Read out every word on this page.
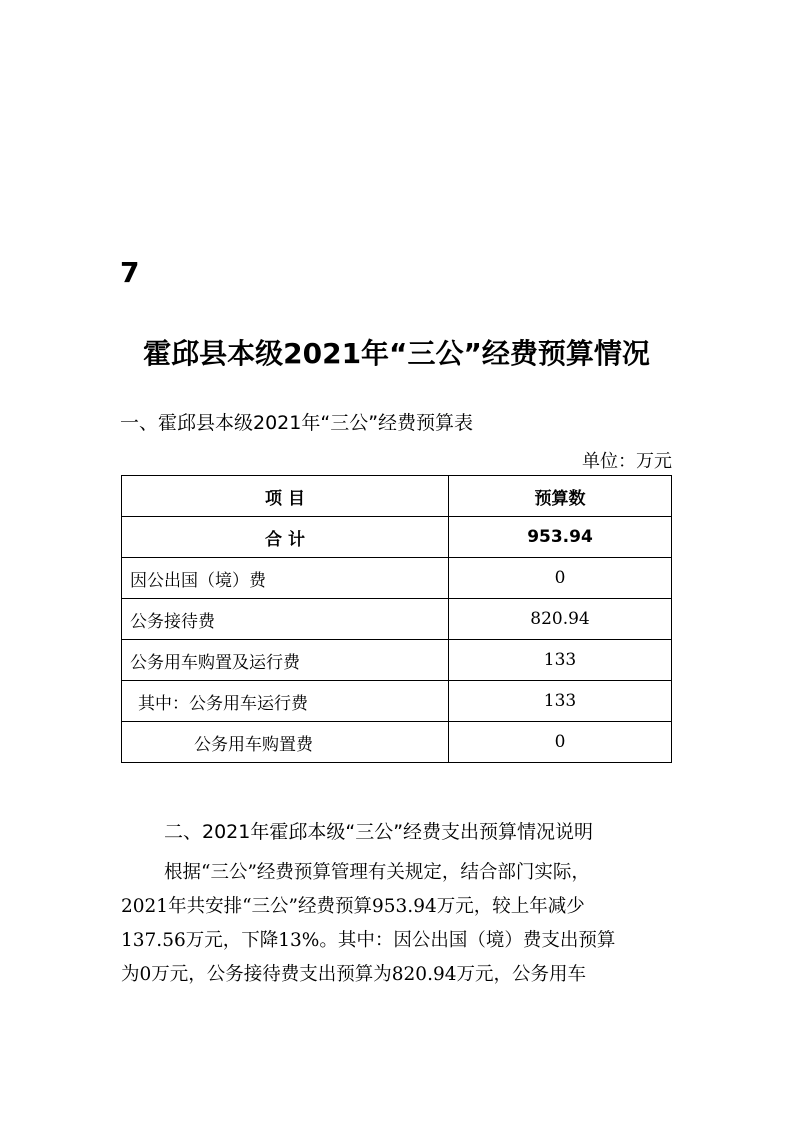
7
霍邱县本级2021年“三公”经费预算情况
一、霍邱县本级2021年“三公”经费预算表
单位：万元
项 目	预算数
合 计	953.94
因公出国（境）费	0
公务接待费	820.94
公务用车购置及运行费	133
其中：公务用车运行费	133
公务用车购置费	0
二、2021年霍邱本级“三公”经费支出预算情况说明
根据“三公”经费预算管理有关规定，结合部门实际，
2021年共安排“三公”经费预算953.94万元，较上年减少
137.56万元，下降13%。其中：因公出国（境）费支出预算
为0万元，公务接待费支出预算为820.94万元，公务用车
